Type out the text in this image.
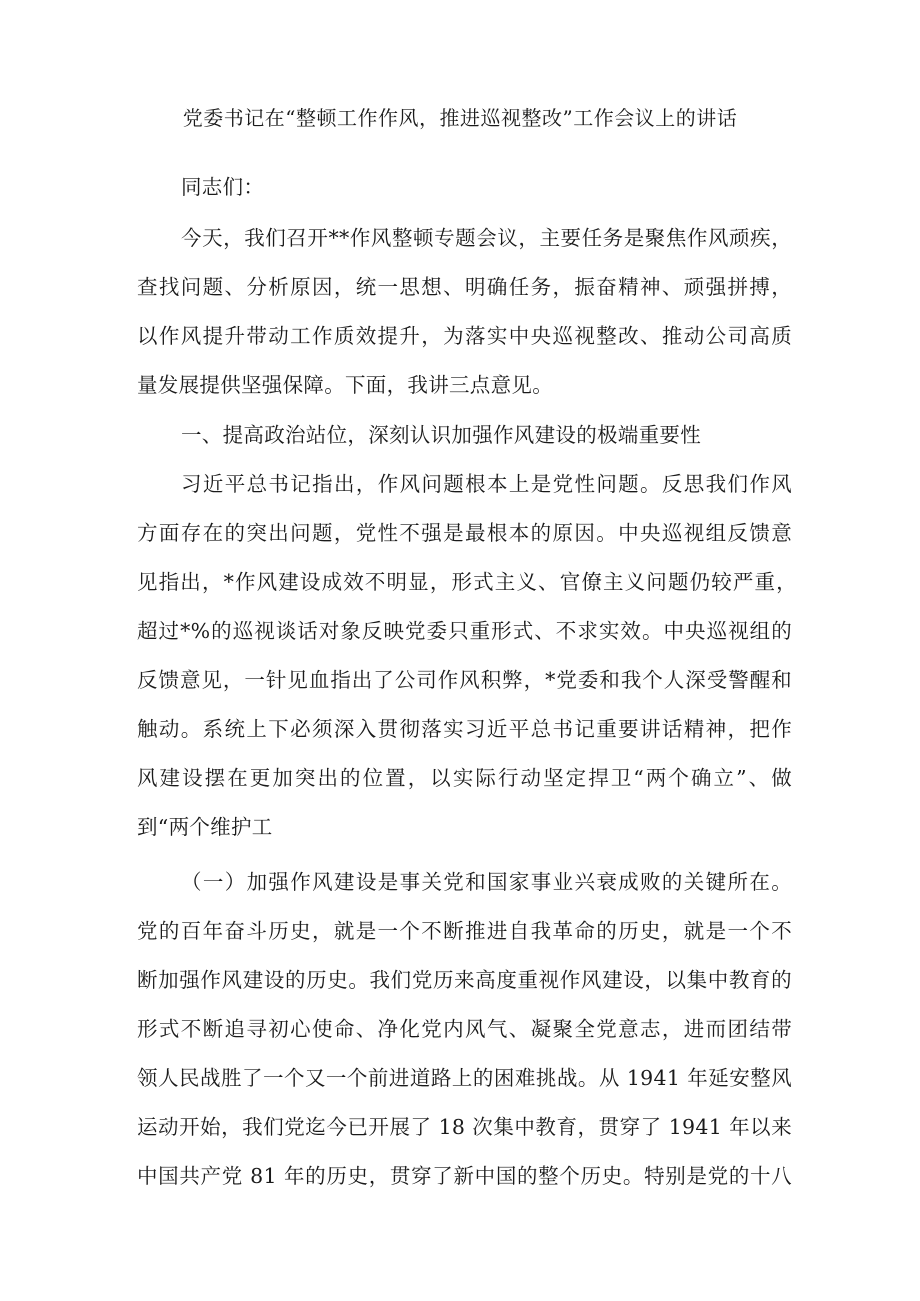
党委书记在“整顿工作作风，推进巡视整改”工作会议上的讲话
同志们：
今天，我们召开**作风整顿专题会议，主要任务是聚焦作风顽疾，
查找问题、分析原因，统一思想、明确任务，振奋精神、顽强拼搏，
以作风提升带动工作质效提升，为落实中央巡视整改、推动公司高质
量发展提供坚强保障。下面，我讲三点意见。
一、提高政治站位，深刻认识加强作风建设的极端重要性
习近平总书记指出，作风问题根本上是党性问题。反思我们作风
方面存在的突出问题，党性不强是最根本的原因。中央巡视组反馈意
见指出，*作风建设成效不明显，形式主义、官僚主义问题仍较严重，
超过*%的巡视谈话对象反映党委只重形式、不求实效。中央巡视组的
反馈意见，一针见血指出了公司作风积弊，*党委和我个人深受警醒和
触动。系统上下必须深入贯彻落实习近平总书记重要讲话精神，把作
风建设摆在更加突出的位置，以实际行动坚定捍卫“两个确立”、做
到“两个维护工
（一）加强作风建设是事关党和国家事业兴衰成败的关键所在。
党的百年奋斗历史，就是一个不断推进自我革命的历史，就是一个不
断加强作风建设的历史。我们党历来高度重视作风建设，以集中教育的
形式不断追寻初心使命、净化党内风气、凝聚全党意志，进而团结带
领人民战胜了一个又一个前进道路上的困难挑战。从 1941 年延安整风
运动开始，我们党迄今已开展了 18 次集中教育，贯穿了 1941 年以来
中国共产党 81 年的历史，贯穿了新中国的整个历史。特别是党的十八
